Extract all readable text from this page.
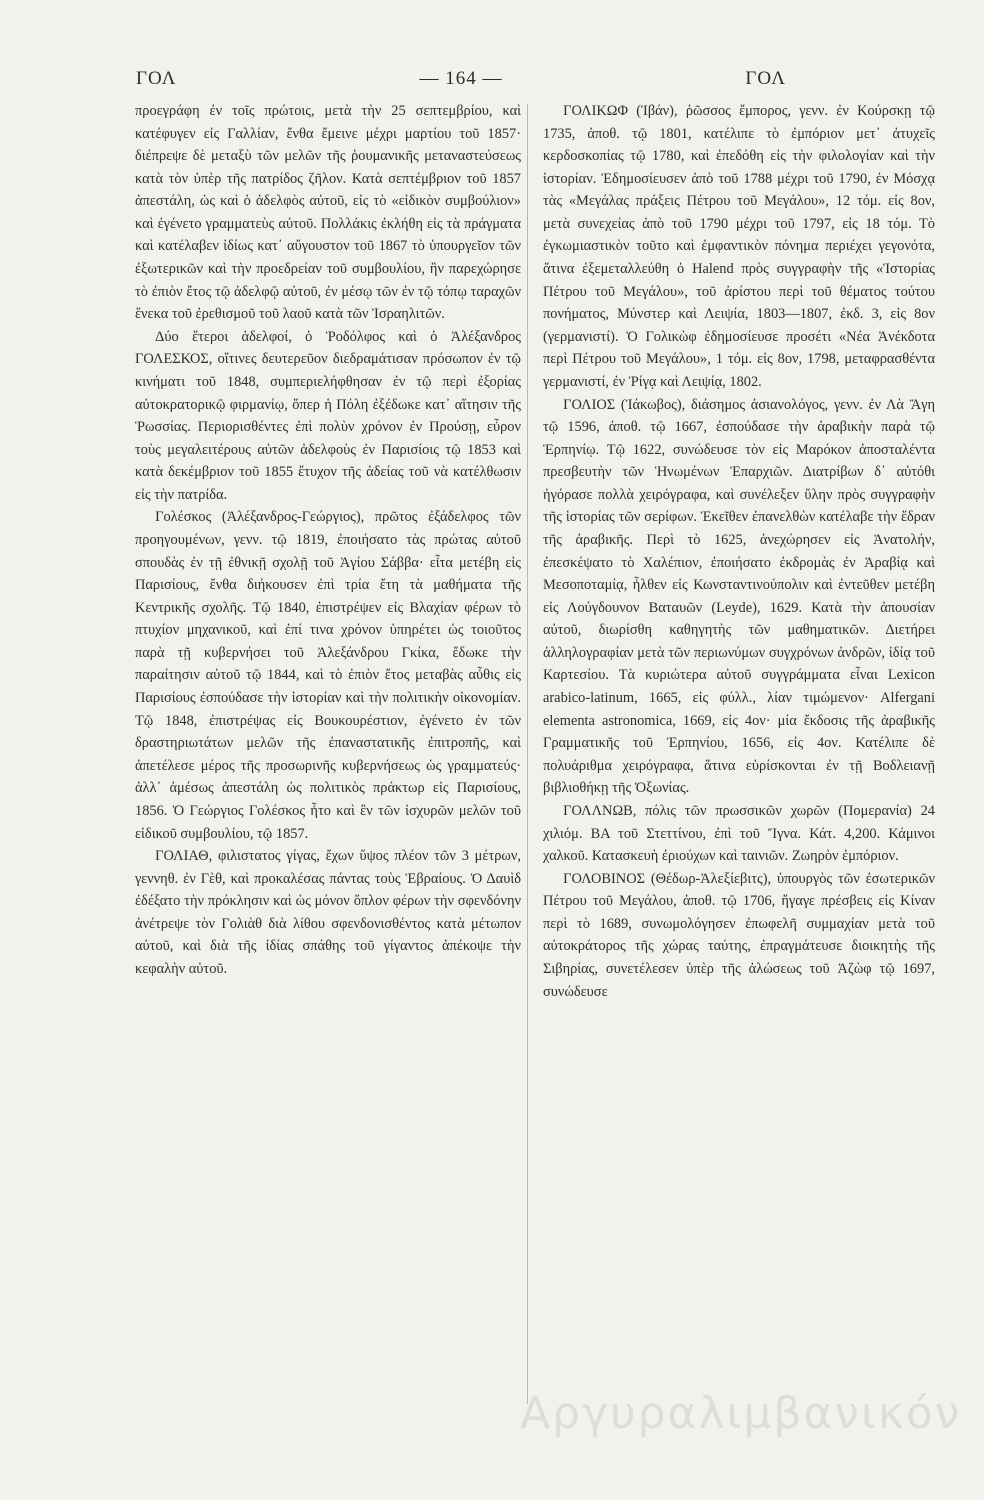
ΓΟΛ	— 164 —	ΓΟΛ

προεγράφη ἐν τοῖς πρώτοις, μετὰ τὴν 25 σεπτεμβρίου, καὶ κατέφυγεν εἰς Γαλλίαν, ἔνθα ἔμεινε μέχρι μαρτίου τοῦ 1857· διέπρεψε δὲ μεταξὺ τῶν μελῶν τῆς ῥουμανικῆς μεταναστεύσεως κατὰ τὸν ὑπὲρ τῆς πατρίδος ζῆλον. Κατὰ σεπτέμβριον τοῦ 1857 ἀπεστάλη, ὡς καὶ ὁ ἀδελφὸς αὐτοῦ, εἰς τὸ «εἰδικὸν συμβούλιον» καὶ ἐγένετο γραμματεὺς αὐτοῦ. Πολλάκις ἐκλήθη εἰς τὰ πράγματα καὶ κατέλαβεν ἰδίως κατ᾽ αὔγουστον τοῦ 1867 τὸ ὑπουργεῖον τῶν ἐξωτερικῶν καὶ τὴν προεδρείαν τοῦ συμβουλίου, ἣν παρεχώρησε τὸ ἐπιὸν ἔτος τῷ ἀδελφῷ αὐτοῦ, ἐν μέσῳ τῶν ἐν τῷ τόπῳ ταραχῶν ἕνεκα τοῦ ἐρεθισμοῦ τοῦ λαοῦ κατὰ τῶν Ἰσραηλιτῶν.

Δύο ἕτεροι ἀδελφοί, ὁ Ῥοδόλφος καὶ ὁ Ἀλέξανδρος ΓΟΛΕΣΚΟΣ, οἵτινες δευτερεῦον διεδραμάτισαν πρόσωπον ἐν τῷ κινήματι τοῦ 1848, συμπεριελήφθησαν ἐν τῷ περὶ ἐξορίας αὐτοκρατορικῷ φιρμανίῳ, ὅπερ ἡ Πόλη ἐξέδωκε κατ᾽ αἴτησιν τῆς Ῥωσσίας. Περιορισθέντες ἐπὶ πολὺν χρόνον ἐν Προύσῃ, εὗρον τοὺς μεγαλειτέρους αὐτῶν ἀδελφοὺς ἐν Παρισίοις τῷ 1853 καὶ κατὰ δεκέμβριον τοῦ 1855 ἔτυχον τῆς ἀδείας τοῦ νὰ κατέλθωσιν εἰς τὴν πατρίδα.

Γολέσκος (Ἀλέξανδρος-Γεώργιος), πρῶτος ἐξάδελφος τῶν προηγουμένων, γενν. τῷ 1819, ἐποιήσατο τὰς πρώτας αὐτοῦ σπουδὰς ἐν τῇ ἐθνικῇ σχολῇ τοῦ Ἁγίου Σάββα· εἶτα μετέβη εἰς Παρισίους, ἔνθα διήκουσεν ἐπὶ τρία ἔτη τὰ μαθήματα τῆς Κεντρικῆς σχολῆς. Τῷ 1840, ἐπιστρέψεν εἰς Βλαχίαν φέρων τὸ πτυχίον μηχανικοῦ, καὶ ἐπί τινα χρόνον ὑπηρέτει ὡς τοιοῦτος παρὰ τῇ κυβερνήσει τοῦ Ἀλεξάνδρου Γκίκα, ἔδωκε τὴν παραίτησιν αὐτοῦ τῷ 1844, καὶ τὸ ἐπιὸν ἔτος μεταβὰς αὖθις εἰς Παρισίους ἐσπούδασε τὴν ἱστορίαν καὶ τὴν πολιτικὴν οἰκονομίαν. Τῷ 1848, ἐπιστρέψας εἰς Βουκουρέστιον, ἐγένετο ἐν τῶν δραστηριωτάτων μελῶν τῆς ἐπαναστατικῆς ἐπιτροπῆς, καὶ ἀπετέλεσε μέρος τῆς προσωρινῆς κυβερνήσεως ὡς γραμματεύς· ἀλλ᾽ ἀμέσως ἀπεστάλη ὡς πολιτικὸς πράκτωρ εἰς Παρισίους, 1856. Ὁ Γεώργιος Γολέσκος ἦτο καὶ ἓν τῶν ἰσχυρῶν μελῶν τοῦ εἰδικοῦ συμβουλίου, τῷ 1857.

ΓΟΛΙΑΘ, φιλιστατος γίγας, ἔχων ὕψος πλέον τῶν 3 μέτρων, γεννηθ. ἐν Γὲθ, καὶ προκαλέσας πάντας τοὺς Ἑβραίους. Ὁ Δαυὶδ ἐδέξατο τὴν πρόκλησιν καὶ ὡς μόνον ὅπλον φέρων τὴν σφενδόνην ἀνέτρεψε τὸν Γολιὰθ διὰ λίθου σφενδονισθέντος κατὰ μέτωπον αὐτοῦ, καὶ διὰ τῆς ἰδίας σπάθης τοῦ γίγαντος ἀπέκοψε τὴν κεφαλὴν αὐτοῦ.

ΓΟΛΙΚΩΦ (Ἰβάν), ῥῶσσος ἔμπορος, γενν. ἐν Κούρσκῃ τῷ 1735, ἀποθ. τῷ 1801, κατέλιπε τὸ ἐμπόριον μετ᾽ ἀτυχεῖς κερδοσκοπίας τῷ 1780, καὶ ἐπεδόθη εἰς τὴν φιλολογίαν καὶ τὴν ἱστορίαν. Ἐδημοσίευσεν ἀπὸ τοῦ 1788 μέχρι τοῦ 1790, ἐν Μόσχᾳ τὰς «Μεγάλας πράξεις Πέτρου τοῦ Μεγάλου», 12 τόμ. εἰς 8ον, μετὰ συνεχείας ἀπὸ τοῦ 1790 μέχρι τοῦ 1797, εἰς 18 τόμ. Τὸ ἐγκωμιαστικὸν τοῦτο καὶ ἐμφαντικὸν πόνημα περιέχει γεγονότα, ἅτινα ἐξεμεταλλεύθη ὁ Halend πρὸς συγγραφὴν τῆς «Ἱστορίας Πέτρου τοῦ Μεγάλου», τοῦ ἀρίστου περὶ τοῦ θέματος τούτου πονήματος, Μύνστερ καὶ Λειψία, 1803—1807, ἐκδ. 3, εἰς 8ον (γερμανιστί). Ὁ Γολικὼφ ἐδημοσίευσε προσέτι «Νέα Ἀνέκδοτα περὶ Πέτρου τοῦ Μεγάλου», 1 τόμ. εἰς 8ον, 1798, μεταφρασθέντα γερμανιστί, ἐν Ῥίγᾳ καὶ Λειψίᾳ, 1802.

ΓΟΛΙΟΣ (Ἰάκωβος), διάσημος ἀσιανολόγος, γενν. ἐν Λὰ Ἄγη τῷ 1596, ἀποθ. τῷ 1667, ἐσπούδασε τὴν ἀραβικὴν παρὰ τῷ Ἐρπηνίῳ. Τῷ 1622, συνώδευσε τὸν εἰς Μαρόκον ἀποσταλέντα πρεσβευτὴν τῶν Ἡνωμένων Ἐπαρχιῶν. Διατρίβων δ᾽ αὐτόθι ἠγόρασε πολλὰ χειρόγραφα, καὶ συνέλεξεν ὕλην πρὸς συγγραφὴν τῆς ἱστορίας τῶν σερίφων. Ἐκεῖθεν ἐπανελθὼν κατέλαβε τὴν ἕδραν τῆς ἀραβικῆς. Περὶ τὸ 1625, ἀνεχώρησεν εἰς Ἀνατολήν, ἐπεσκέψατο τὸ Χαλέπιον, ἐποιήσατο ἐκδρομὰς ἐν Ἀραβίᾳ καὶ Μεσοποταμίᾳ, ἦλθεν εἰς Κωνσταντινούπολιν καὶ ἐντεῦθεν μετέβη εἰς Λούγδουνον Βαταυῶν (Leyde), 1629. Κατὰ τὴν ἀπουσίαν αὐτοῦ, διωρίσθη καθηγητὴς τῶν μαθηματικῶν. Διετήρει ἀλληλογραφίαν μετὰ τῶν περιωνύμων συγχρόνων ἀνδρῶν, ἰδίᾳ τοῦ Καρτεσίου. Τὰ κυριώτερα αὐτοῦ συγγράμματα εἶναι Lexicon arabico-latinum, 1665, εἰς φύλλ., λίαν τιμώμενον· Alfergani elementa astronomica, 1669, εἰς 4ον· μία ἔκδοσις τῆς ἀραβικῆς Γραμματικῆς τοῦ Ἐρπηνίου, 1656, εἰς 4ον. Κατέλιπε δὲ πολυάριθμα χειρόγραφα, ἅτινα εὑρίσκονται ἐν τῇ Βοδλειανῇ βιβλιοθήκῃ τῆς Ὀξωνίας.

ΓΟΛΛΝΩΒ, πόλις τῶν πρωσσικῶν χωρῶν (Πομερανία) 24 χιλιόμ. ΒΑ τοῦ Στεττίνου, ἐπὶ τοῦ Ἴγνα. Κάτ. 4,200. Κάμινοι χαλκοῦ. Κατασκευὴ ἐριούχων καὶ ταινιῶν. Ζωηρὸν ἐμπόριον.

ΓΟΛΟΒΙΝΟΣ (Θέδωρ-Ἀλεξίεβιτς), ὑπουργὸς τῶν ἐσωτερικῶν Πέτρου τοῦ Μεγάλου, ἀποθ. τῷ 1706, ἤγαγε πρέσβεις εἰς Κίναν περὶ τὸ 1689, συνωμολόγησεν ἐπωφελῆ συμμαχίαν μετὰ τοῦ αὐτοκράτορος τῆς χώρας ταύτης, ἐπραγμάτευσε διοικητὴς τῆς Σιβηρίας, συνετέλεσεν ὑπὲρ τῆς ἀλώσεως τοῦ Ἀζὼφ τῷ 1697, συνώδευσε

Αργυραλιμβανικόν
